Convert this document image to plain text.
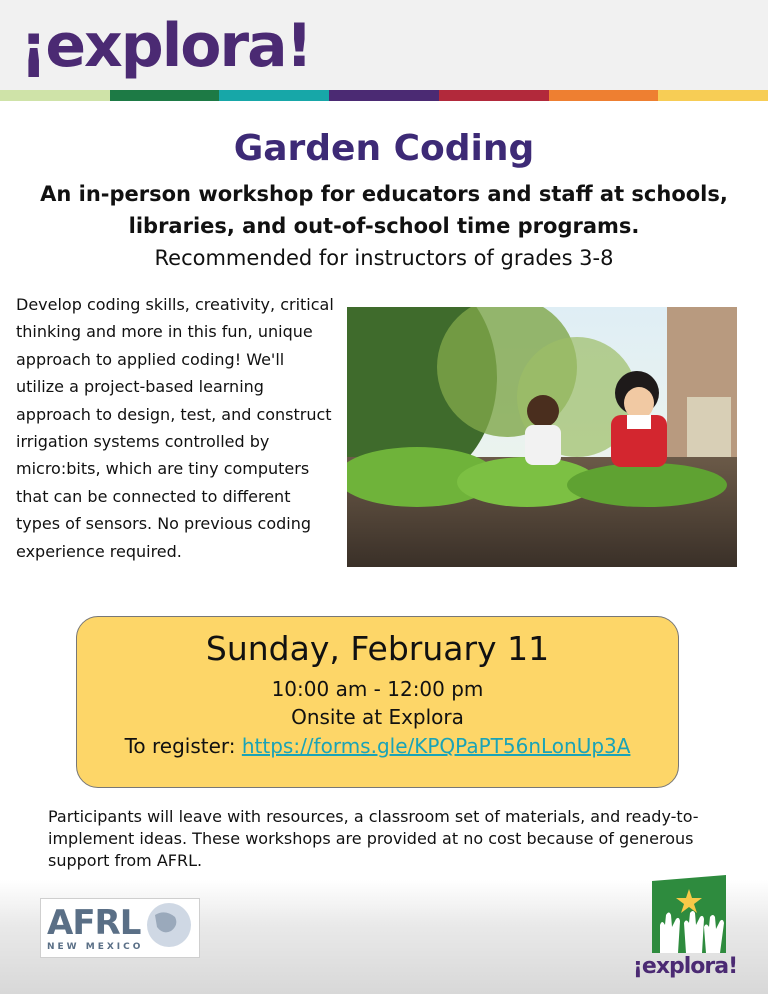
¡explora!
Garden Coding
An in-person workshop for educators and staff at schools, libraries, and out-of-school time programs.
Recommended for instructors of grades 3-8
Develop coding skills, creativity, critical thinking and more in this fun, unique approach to applied coding! We'll utilize a project-based learning approach to design, test, and construct irrigation systems controlled by micro:bits, which are tiny computers that can be connected to different types of sensors. No previous coding experience required.
Sunday, February 11
10:00 am - 12:00 pm
Onsite at Explora
To register: https://forms.gle/KPQPaPT56nLonUp3A
Participants will leave with resources, a classroom set of materials, and ready-to-implement ideas. These workshops are provided at no cost because of generous support from AFRL.
AFRL
NEW MEXICO
¡explora!
